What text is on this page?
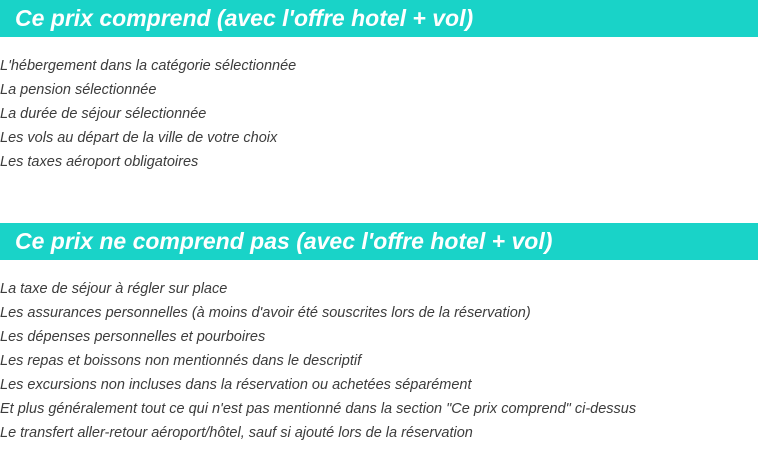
Ce prix comprend (avec l'offre hotel + vol)
L'hébergement dans la catégorie sélectionnée
La pension sélectionnée
La durée de séjour sélectionnée
Les vols au départ de la ville de votre choix
Les taxes aéroport obligatoires
Ce prix ne comprend pas (avec l'offre hotel + vol)
La taxe de séjour à régler sur place
Les assurances personnelles (à moins d'avoir été souscrites lors de la réservation)
Les dépenses personnelles et pourboires
Les repas et boissons non mentionnés dans le descriptif
Les excursions non incluses dans la réservation ou achetées séparément
Et plus généralement tout ce qui n'est pas mentionné dans la section "Ce prix comprend" ci-dessus
Le transfert aller-retour aéroport/hôtel, sauf si ajouté lors de la réservation
